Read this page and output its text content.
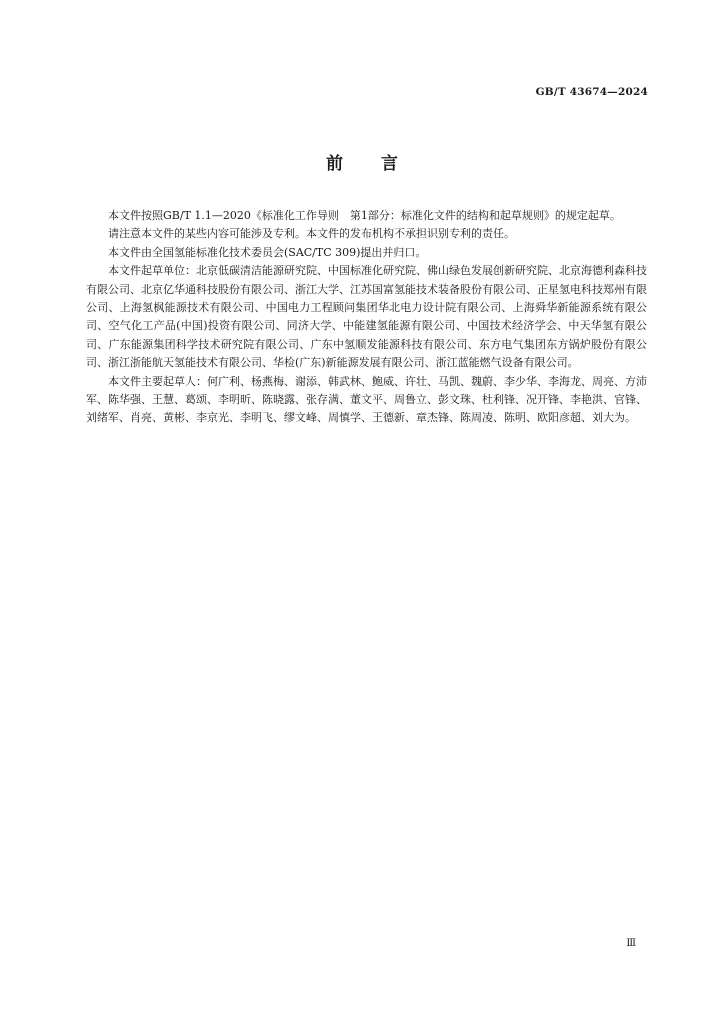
GB/T 43674—2024
前言

本文件按照GB/T 1.1—2020《标准化工作导则　第1部分：标准化文件的结构和起草规则》的规定起草。

请注意本文件的某些内容可能涉及专利。本文件的发布机构不承担识别专利的责任。

本文件由全国氢能标准化技术委员会(SAC/TC 309)提出并归口。

本文件起草单位：北京低碳清洁能源研究院、中国标准化研究院、佛山绿色发展创新研究院、北京海德利森科技有限公司、北京亿华通科技股份有限公司、浙江大学、江苏国富氢能技术装备股份有限公司、正星氢电科技郑州有限公司、上海氢枫能源技术有限公司、中国电力工程顾问集团华北电力设计院有限公司、上海舜华新能源系统有限公司、空气化工产品(中国)投资有限公司、同济大学、中能建氢能源有限公司、中国技术经济学会、中天华氢有限公司、广东能源集团科学技术研究院有限公司、广东中氢顺发能源科技有限公司、东方电气集团东方锅炉股份有限公司、浙江浙能航天氢能技术有限公司、华检(广东)新能源发展有限公司、浙江蓝能燃气设备有限公司。

本文件主要起草人：何广利、杨燕梅、谢添、韩武林、鲍威、许壮、马凯、魏蔚、李少华、李海龙、周亮、方沛军、陈华强、王慧、葛颂、李明昕、陈晓露、张存满、董文平、周鲁立、彭文珠、杜利锋、况开锋、李艳洪、官锋、刘绪军、肖亮、黄彬、李京光、李明飞、缪文峰、周慎学、王德新、章杰锋、陈周凌、陈明、欧阳彦超、刘大为。

Ⅲ
